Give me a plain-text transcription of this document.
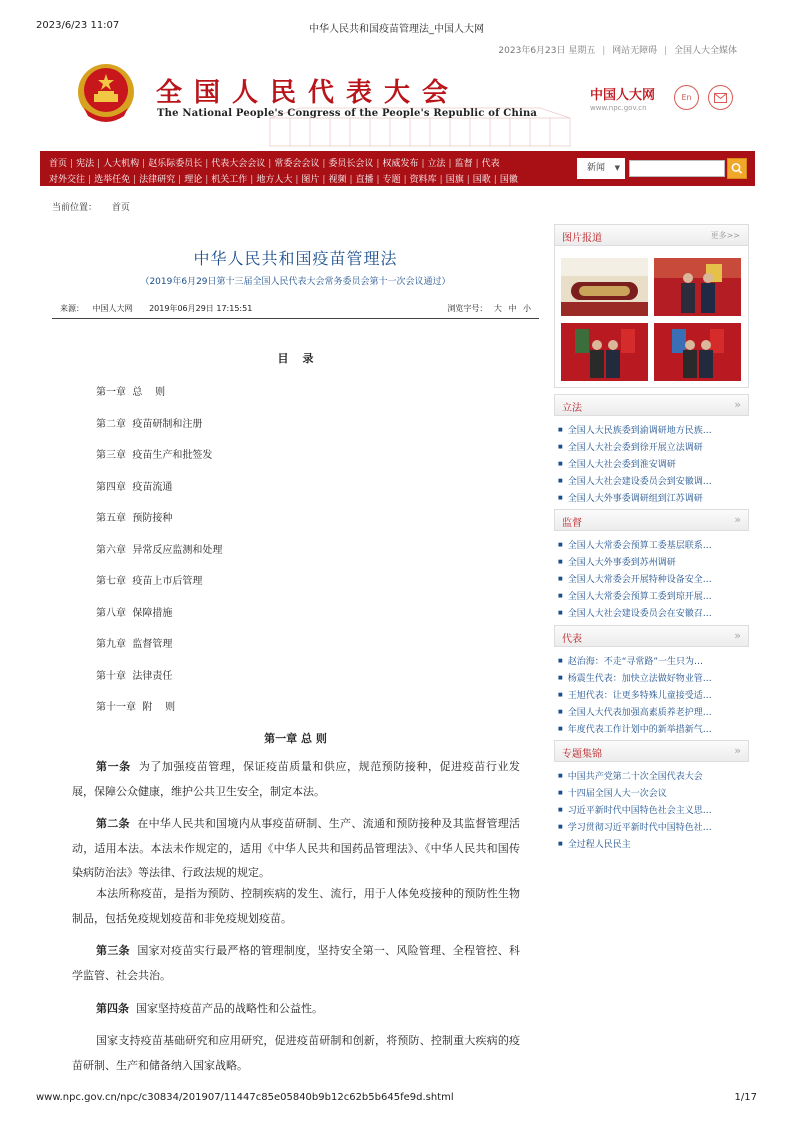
2023/6/23 11:07	中华人民共和国疫苗管理法_中国人大网
2023年6月23日 星期五 | 网站无障碍 | 全国人大全媒体
全国人民代表大会
The National People's Congress of the People's Republic of China
中国人大网
www.npc.gov.cn
En
首页 | 宪法 | 人大机构 | 赵乐际委员长 | 代表大会会议 | 常委会会议 | 委员长会议 | 权威发布 | 立法 | 监督 | 代表
对外交往 | 选举任免 | 法律研究 | 理论 | 机关工作 | 地方人大 | 图片 | 视频 | 直播 | 专题 | 资料库 | 国旗 | 国歌 | 国徽
新闻 ▼
当前位置： 首页
中华人民共和国疫苗管理法
（2019年6月29日第十三届全国人民代表大会常务委员会第十一次会议通过）
来源： 中国人大网 2019年06月29日 17:15:51	浏览字号： 大 中 小
目录
第一章  总    则
第二章  疫苗研制和注册
第三章  疫苗生产和批签发
第四章  疫苗流通
第五章  预防接种
第六章  异常反应监测和处理
第七章  疫苗上市后管理
第八章  保障措施
第九章  监督管理
第十章  法律责任
第十一章  附    则
第一章 总 则
第一条 为了加强疫苗管理，保证疫苗质量和供应，规范预防接种，促进疫苗行业发展，保障公众健康，维护公共卫生安全，制定本法。
第二条 在中华人民共和国境内从事疫苗研制、生产、流通和预防接种及其监督管理活动，适用本法。本法未作规定的，适用《中华人民共和国药品管理法》、《中华人民共和国传染病防治法》等法律、行政法规的规定。
本法所称疫苗，是指为预防、控制疾病的发生、流行，用于人体免疫接种的预防性生物制品，包括免疫规划疫苗和非免疫规划疫苗。
第三条 国家对疫苗实行最严格的管理制度，坚持安全第一、风险管理、全程管控、科学监管、社会共治。
第四条 国家坚持疫苗产品的战略性和公益性。
国家支持疫苗基础研究和应用研究，促进疫苗研制和创新，将预防、控制重大疾病的疫苗研制、生产和储备纳入国家战略。
图片报道	更多>>
立法	››
■ 全国人大民族委到渝调研地方民族…
■ 全国人大社会委到徐开展立法调研
■ 全国人大社会委到淮安调研
■ 全国人大社会建设委员会到安徽调…
■ 全国人大外事委调研组到江苏调研
监督	››
■ 全国人大常委会预算工委基层联系…
■ 全国人大外事委到苏州调研
■ 全国人大常委会开展特种设备安全…
■ 全国人大常委会预算工委到琼开展…
■ 全国人大社会建设委员会在安徽召…
代表	››
■ 赵治海：不走“寻常路”一生只为…
■ 杨震生代表：加快立法做好物业管…
■ 王旭代表：让更多特殊儿童接受适…
■ 全国人大代表加强高素质养老护理…
■ 年度代表工作计划中的新举措新气…
专题集锦	››
■ 中国共产党第二十次全国代表大会
■ 十四届全国人大一次会议
■ 习近平新时代中国特色社会主义思…
■ 学习贯彻习近平新时代中国特色社…
■ 全过程人民民主
www.npc.gov.cn/npc/c30834/201907/11447c85e05840b9b12c62b5b645fe9d.shtml	1/17
